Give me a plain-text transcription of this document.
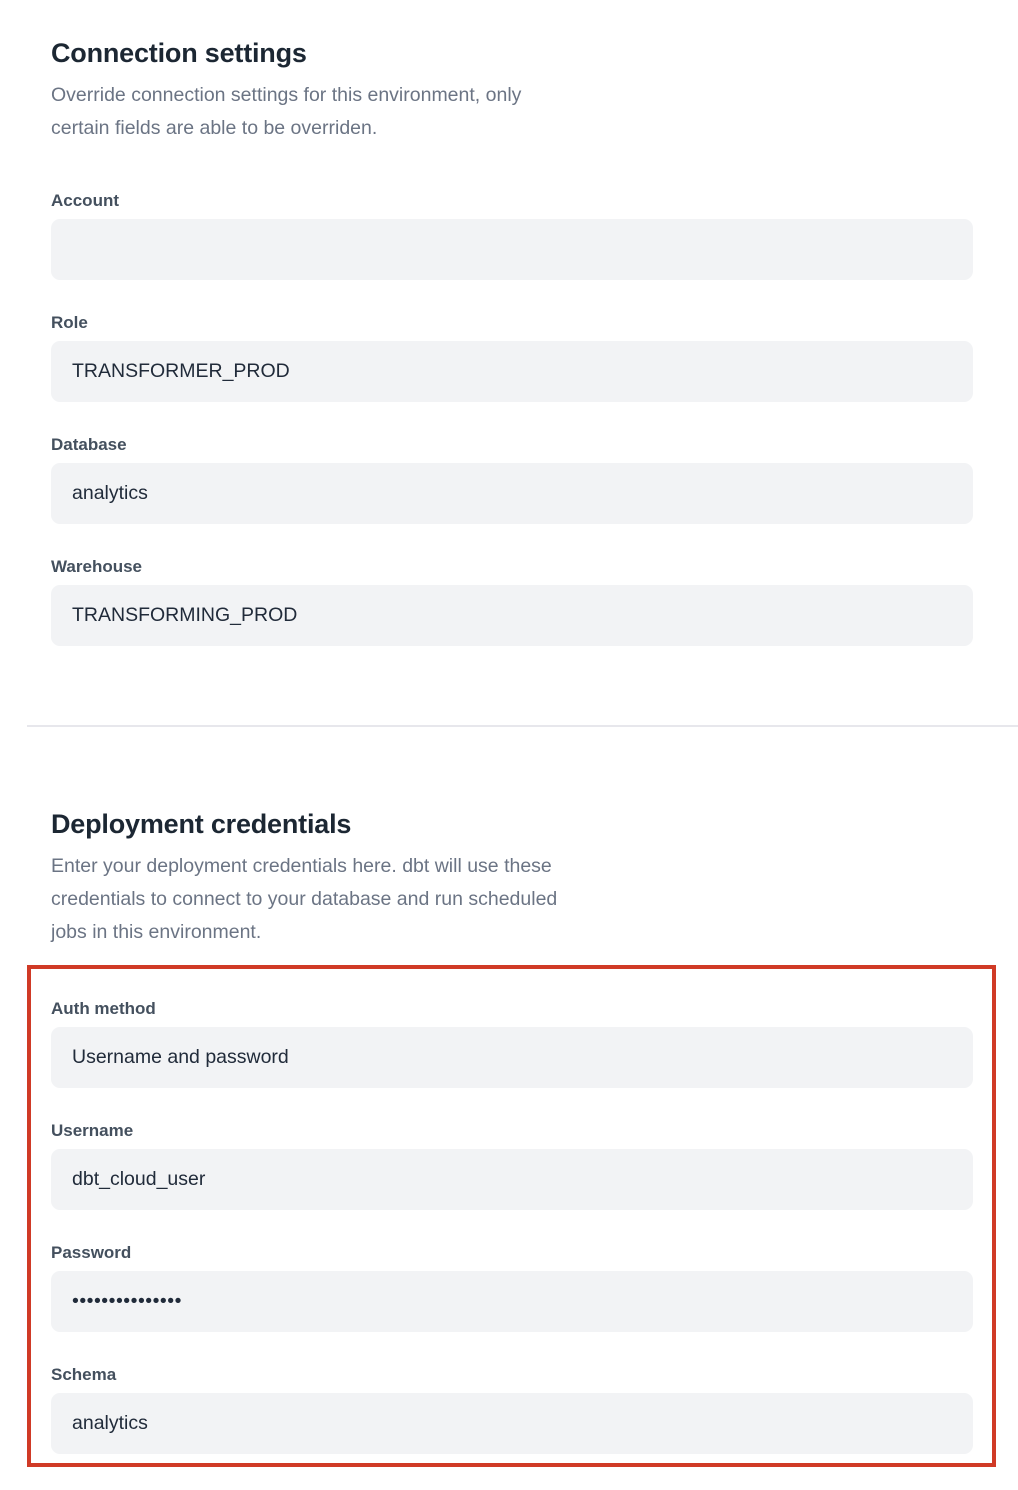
Connection settings

Override connection settings for this environment, only certain fields are able to be overriden.

Account
Role
TRANSFORMER_PROD
Database
analytics
Warehouse
TRANSFORMING_PROD
Deployment credentials

Enter your deployment credentials here. dbt will use these credentials to connect to your database and run scheduled jobs in this environment.

Auth method
Username and password
Username
dbt_cloud_user
Password
•••••••••••••••
Schema
analytics
